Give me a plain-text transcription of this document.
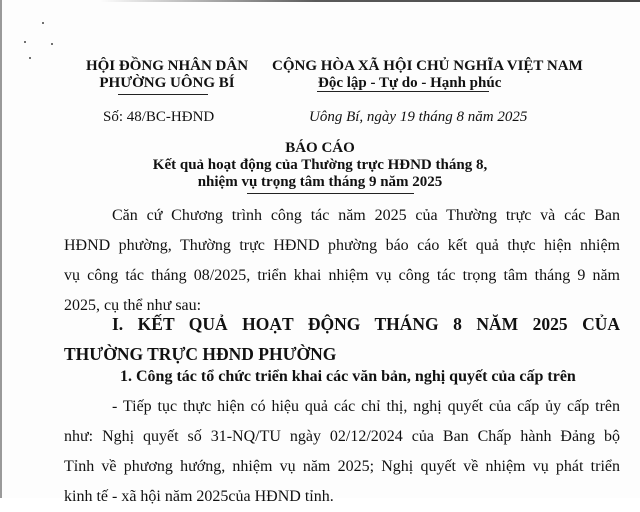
HỘI ĐỒNG NHÂN DÂN
PHƯỜNG UÔNG BÍ
CỘNG HÒA XÃ HỘI CHỦ NGHĨA VIỆT NAM
Độc lập - Tự do - Hạnh phúc
Số: 48/BC-HĐND	Uông Bí, ngày 19 tháng 8 năm 2025
BÁO CÁO
Kết quả hoạt động của Thường trực HĐND tháng 8,
nhiệm vụ trọng tâm tháng 9 năm 2025
Căn cứ Chương trình công tác năm 2025 của Thường trực và các Ban
HĐND phường, Thường trực HĐND phường báo cáo kết quả thực hiện nhiệm
vụ công tác tháng 08/2025, triển khai nhiệm vụ công tác trọng tâm tháng 9 năm
2025, cụ thể như sau:
I. KẾT QUẢ HOẠT ĐỘNG THÁNG 8 NĂM 2025 CỦA
THƯỜNG TRỰC HĐND PHƯỜNG
1. Công tác tổ chức triển khai các văn bản, nghị quyết của cấp trên
- Tiếp tục thực hiện có hiệu quả các chỉ thị, nghị quyết của cấp ủy cấp trên
như: Nghị quyết số 31-NQ/TU ngày 02/12/2024 của Ban Chấp hành Đảng bộ
Tỉnh về phương hướng, nhiệm vụ năm 2025; Nghị quyết về nhiệm vụ phát triển
kinh tế - xã hội năm 2025của HĐND tỉnh.
